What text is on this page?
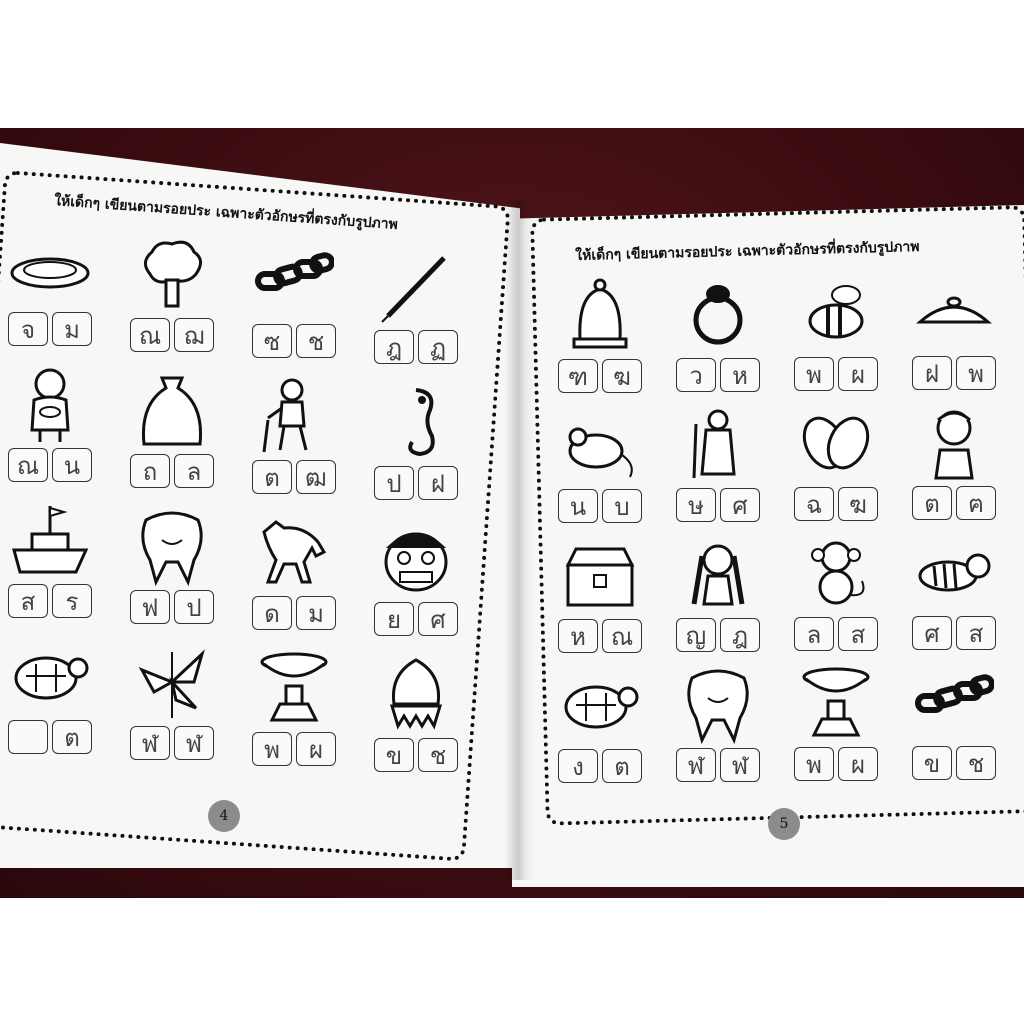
ให้เด็กๆ เขียนตามรอยประ เฉพาะตัวอักษรที่ตรงกับรูปภาพ
ให้เด็กๆ เขียนตามรอยประ เฉพาะตัวอักษรที่ตรงกับรูปภาพ
จ	ม	ณ ฌ	ซ	ช	ฎ	ฏ
ณ	น	ถ	ล	ต	ฒ	ป	ฝ
ส	ร	ฟ	ป	ด	ม	ย	ศ
ต	ฬ	ฬ	พ	ผ	ข	ช
ฑ	ฆ	ว	ห	พ	ผ	ฝ	พ
น	บ	ษ	ศ	ฉ	ฆ	ต	ฅ
ห	ณ	ญ	ฎ	ล	ส	ศ	ส
ง	ต	ฬ	ฬ	พ	ผ	ข	ช
4	5
